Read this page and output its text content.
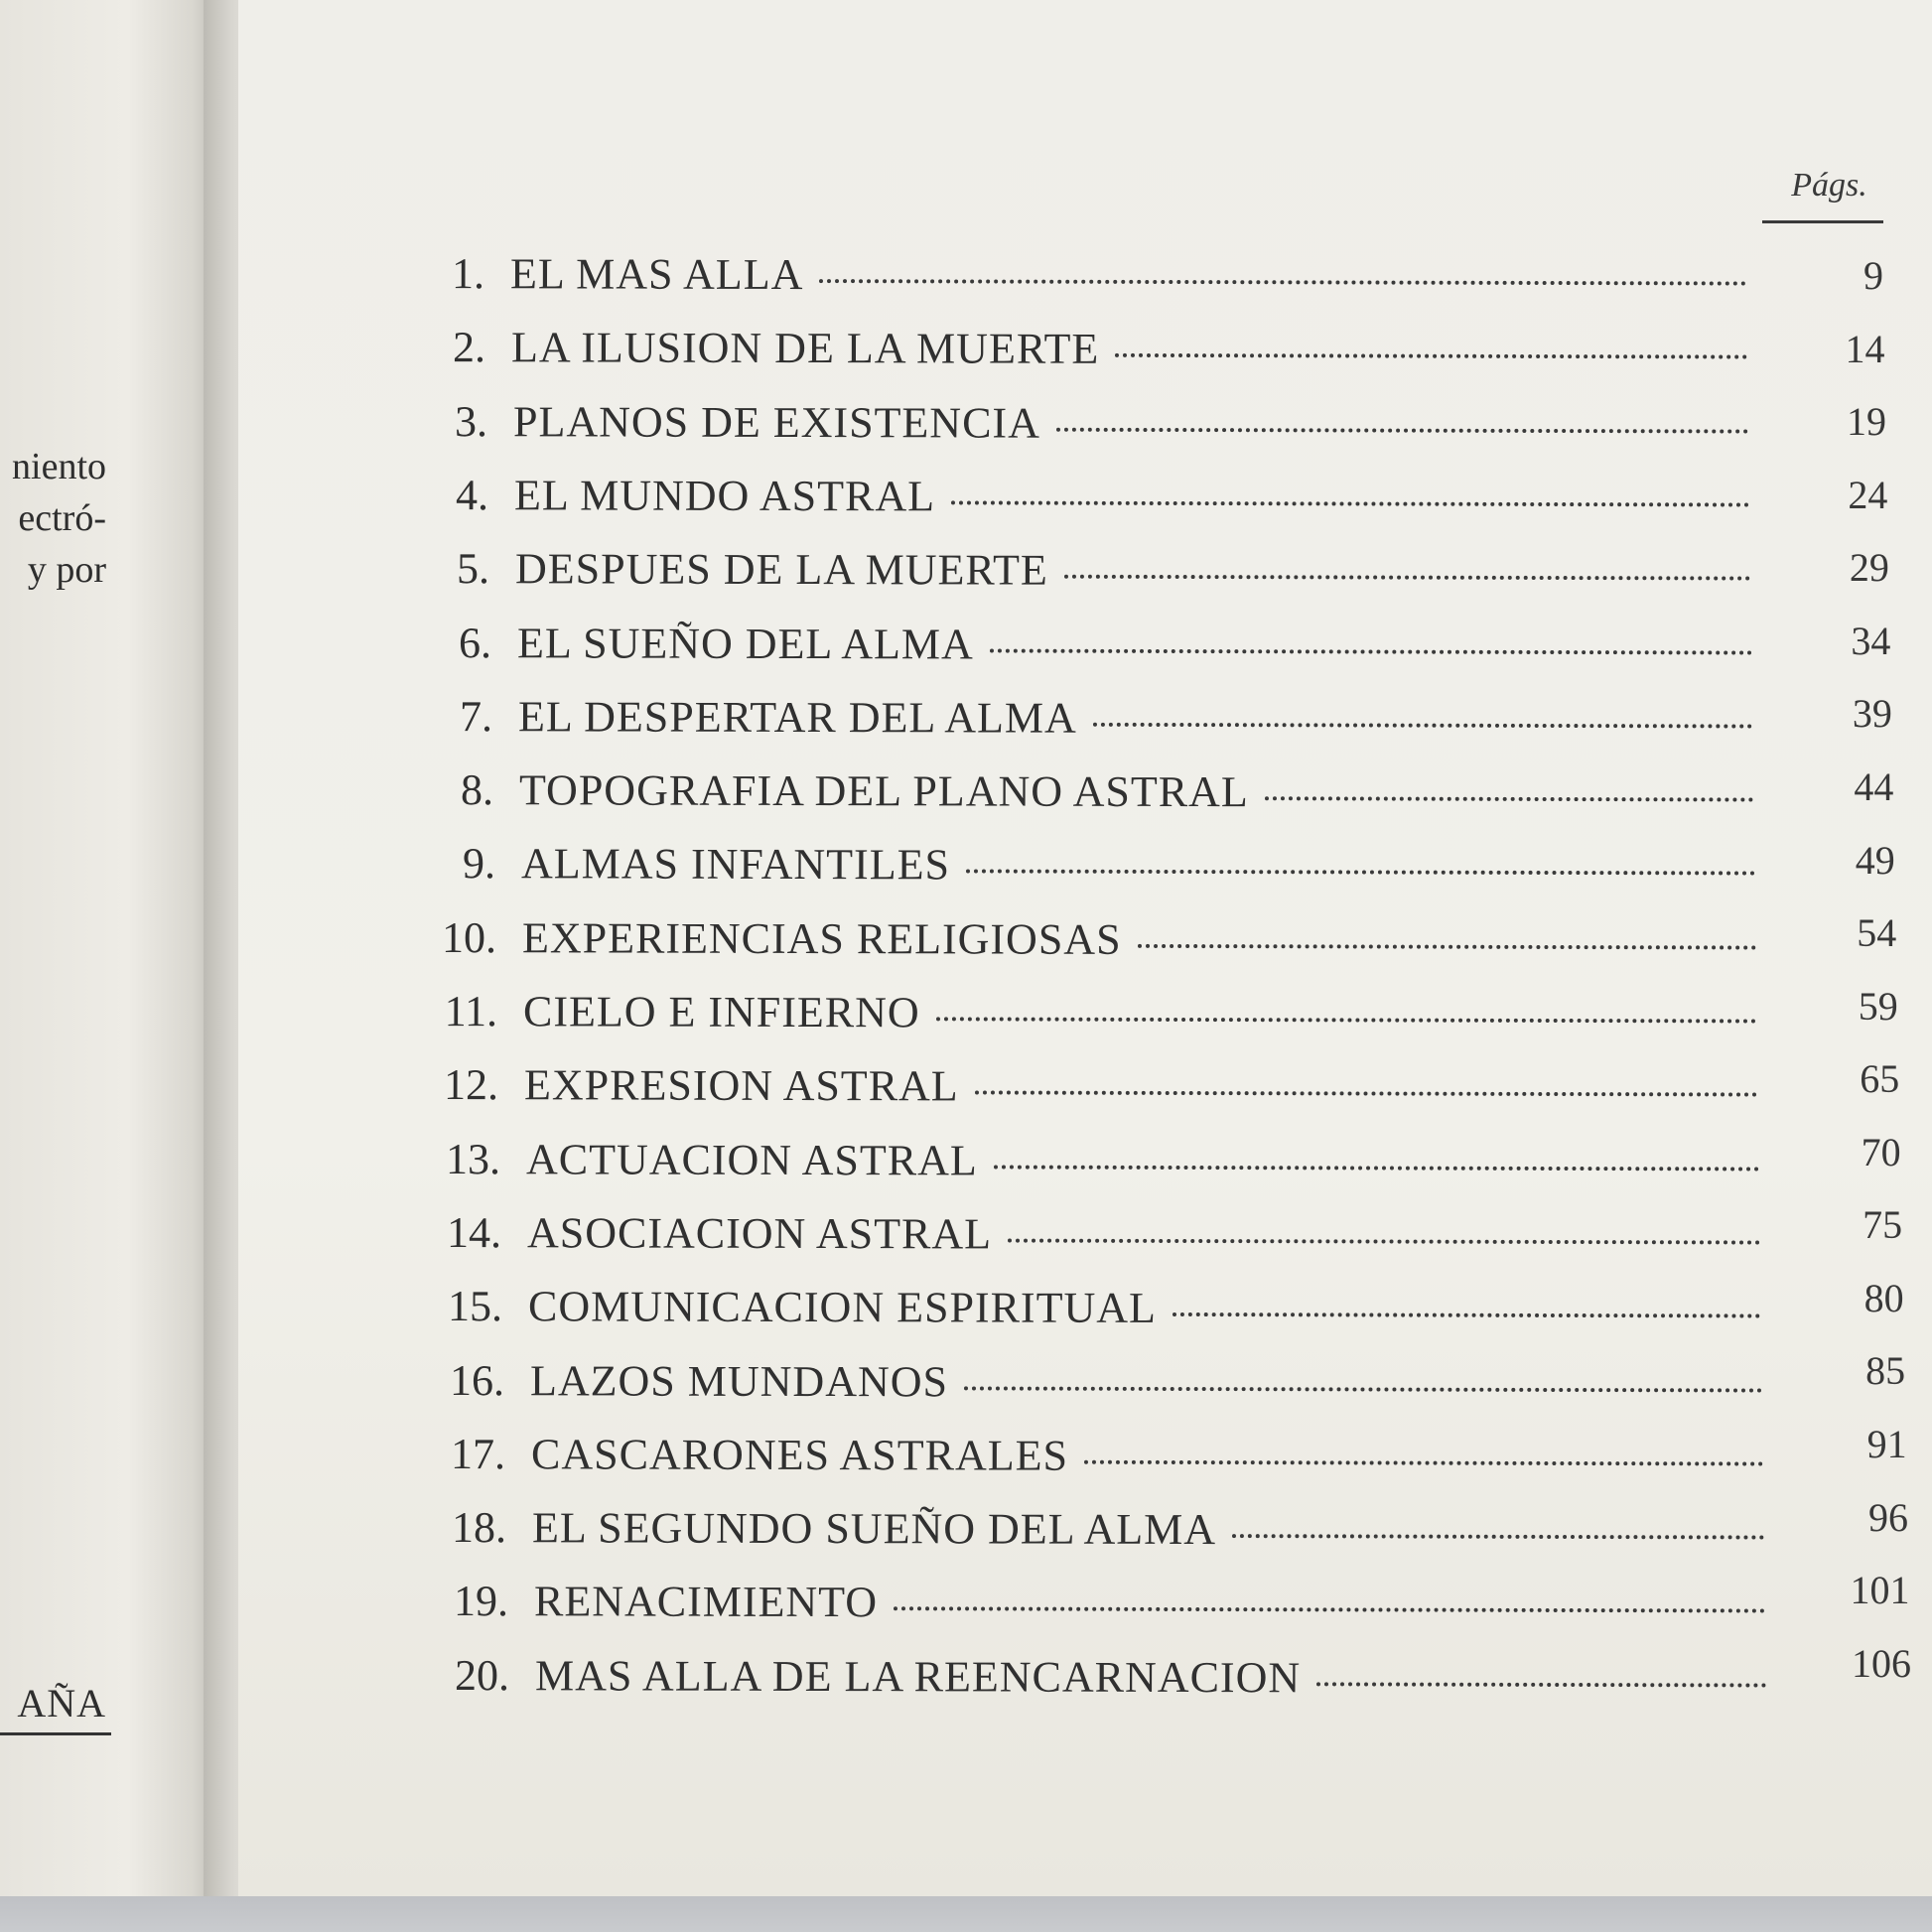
niento
ectró-
y por
AÑA
Págs.
1. EL MAS ALLA	9
2. LA ILUSION DE LA MUERTE	14
3. PLANOS DE EXISTENCIA	19
4. EL MUNDO ASTRAL	24
5. DESPUES DE LA MUERTE	29
6. EL SUEÑO DEL ALMA	34
7. EL DESPERTAR DEL ALMA	39
8. TOPOGRAFIA DEL PLANO ASTRAL	44
9. ALMAS INFANTILES	49
10. EXPERIENCIAS RELIGIOSAS	54
11. CIELO E INFIERNO	59
12. EXPRESION ASTRAL	65
13. ACTUACION ASTRAL	70
14. ASOCIACION ASTRAL	75
15. COMUNICACION ESPIRITUAL	80
16. LAZOS MUNDANOS	85
17. CASCARONES ASTRALES	91
18. EL SEGUNDO SUEÑO DEL ALMA	96
19. RENACIMIENTO	101
20. MAS ALLA DE LA REENCARNACION	106
